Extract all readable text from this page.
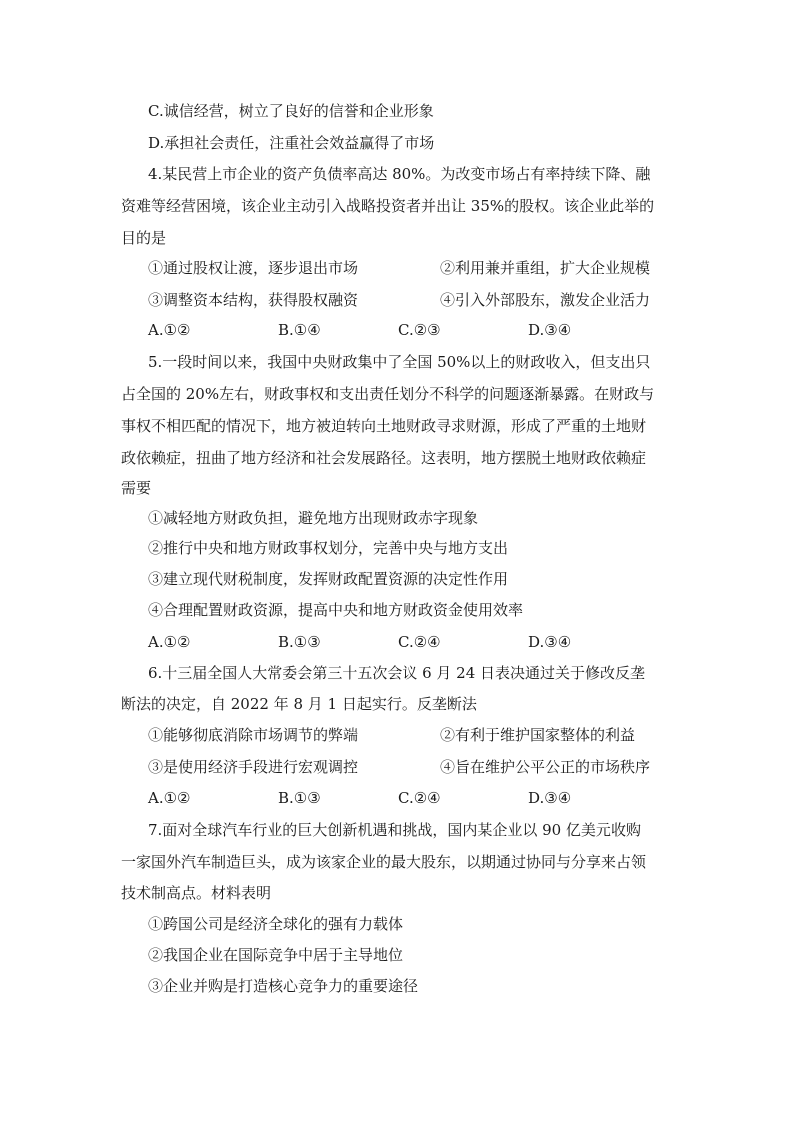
C.诚信经营，树立了良好的信誉和企业形象
D.承担社会责任，注重社会效益赢得了市场
4.某民营上市企业的资产负债率高达 80%。为改变市场占有率持续下降、融
资难等经营困境，该企业主动引入战略投资者并出让 35%的股权。该企业此举的
目的是
①通过股权让渡，逐步退出市场	②利用兼并重组，扩大企业规模
③调整资本结构，获得股权融资	④引入外部股东，激发企业活力
A.①②	B.①④	C.②③	D.③④
5.一段时间以来，我国中央财政集中了全国 50%以上的财政收入，但支出只
占全国的 20%左右，财政事权和支出责任划分不科学的问题逐渐暴露。在财政与
事权不相匹配的情况下，地方被迫转向土地财政寻求财源，形成了严重的土地财
政依赖症，扭曲了地方经济和社会发展路径。这表明，地方摆脱土地财政依赖症
需要
①减轻地方财政负担，避免地方出现财政赤字现象
②推行中央和地方财政事权划分，完善中央与地方支出
③建立现代财税制度，发挥财政配置资源的决定性作用
④合理配置财政资源，提高中央和地方财政资金使用效率
A.①②	B.①③	C.②④	D.③④
6.十三届全国人大常委会第三十五次会议 6 月 24 日表决通过关于修改反垄
断法的决定，自 2022 年 8 月 1 日起实行。反垄断法
①能够彻底消除市场调节的弊端	②有利于维护国家整体的利益
③是使用经济手段进行宏观调控	④旨在维护公平公正的市场秩序
A.①②	B.①③	C.②④	D.③④
7.面对全球汽车行业的巨大创新机遇和挑战，国内某企业以 90 亿美元收购
一家国外汽车制造巨头，成为该家企业的最大股东，以期通过协同与分享来占领
技术制高点。材料表明
①跨国公司是经济全球化的强有力载体
②我国企业在国际竞争中居于主导地位
③企业并购是打造核心竞争力的重要途径
